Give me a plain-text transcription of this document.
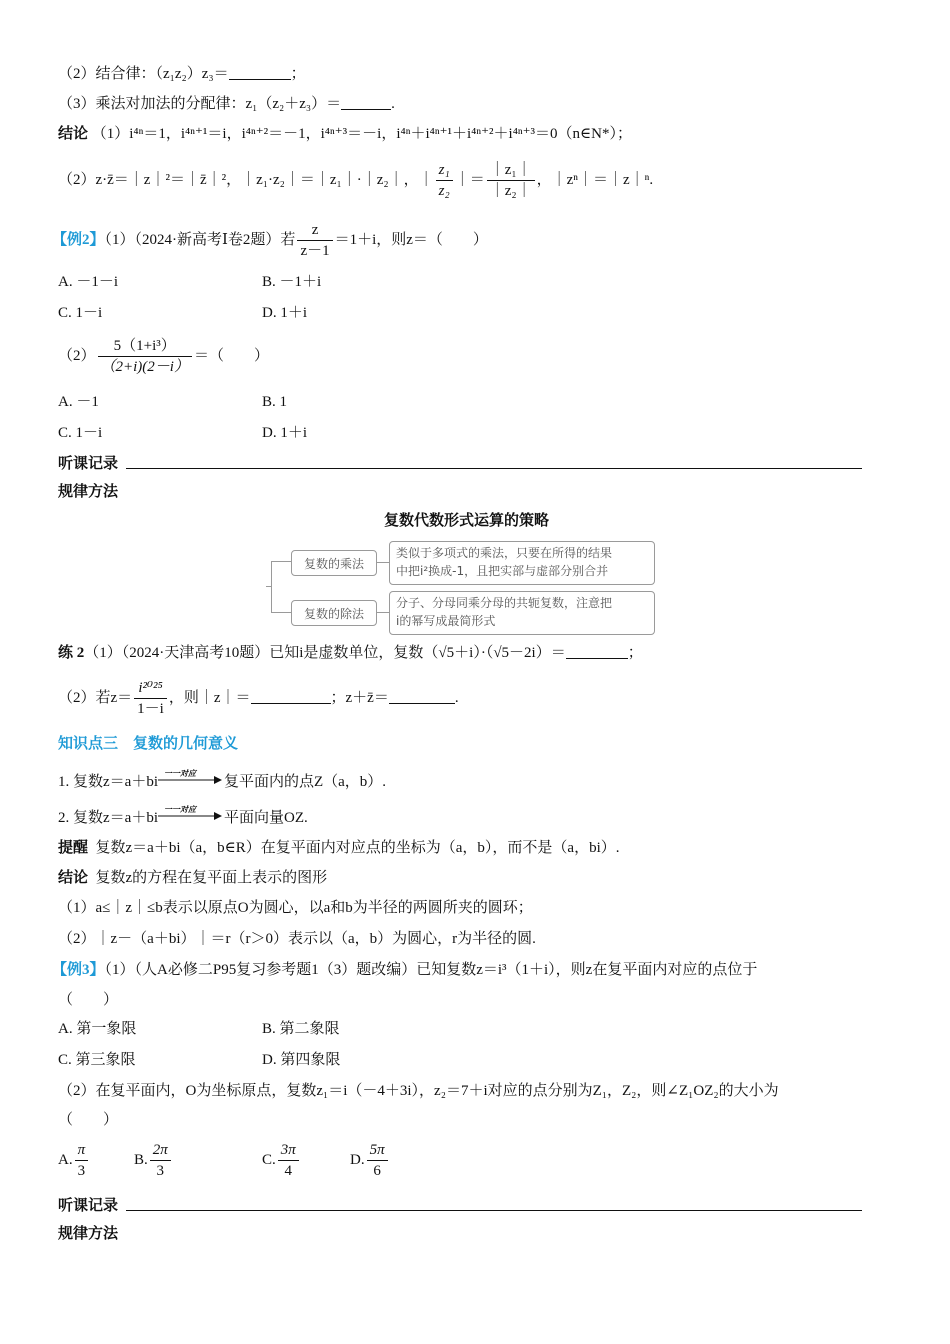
（2）结合律：（z₁z₂）z₃＝	；
（3）乘法对加法的分配律：z₁（z₂＋z₃）＝	.
结论 （1）i⁴ⁿ＝1，i⁴ⁿ⁺¹＝i，i⁴ⁿ⁺²＝－1，i⁴ⁿ⁺³＝－i，i⁴ⁿ＋i⁴ⁿ⁺¹＋i⁴ⁿ⁺²＋i⁴ⁿ⁺³＝0（n∈N*）；
（2）z·z̄＝｜z｜²＝｜z̄｜²，｜z₁·z₂｜＝｜z₁｜·｜z₂｜，｜ $\frac{\text{z₁}}{\text{z₂}}$ ｜＝ $\frac{\text{｜z₁｜}}{\text{｜z₂｜}}$ ，｜zⁿ｜＝｜z｜ⁿ.
【例2】（1）（2024·新高考Ⅰ卷2题）若 $\frac{z}{z-1} =1+i$，则z＝（　　）
A. －1－i	B. －1＋i
C. 1－i	D. 1＋i
$(2) \frac{\text{5（1+i³）}}{(2+i)(2-i)}$ ＝（　　）
A. －1	B. 1
C. 1－i	D. 1＋i
听课记录
规律方法
复数代数形式运算的策略
复数的乘法
类似于多项式的乘法，只要在所得的结果
中把i²换成-1，且把实部与虚部分别合并
复数的除法
分子、分母同乘分母的共轭复数，注意把
i的幂写成最简形式
练 2（1）（2024·天津高考10题）已知i是虚数单位，复数（√5＋i）·（√5－2i）＝	；
（2）若$z= \frac{\text{i²⁰²⁵}}{1-i}$ ，则｜z｜＝	；z＋z̄＝	.
知识点三　复数的几何意义
1. 复数z＝a＋bi
一一对应
复平面内的点Z（a，b）.
2. 复数z＝a＋bi
一一对应
平面向量OZ.
提醒 复数z＝a＋bi（a，b∈R）在复平面内对应点的坐标为（a，b），而不是（a，bi）.
结论 复数z的方程在复平面上表示的图形
（1）a≤｜z｜≤b表示以原点O为圆心，以a和b为半径的两圆所夹的圆环；
（2）｜z－（a＋bi）｜＝r（r＞0）表示以（a，b）为圆心，r为半径的圆.
【例3】（1）（人A必修二P95复习参考题1（3）题改编）已知复数z＝i³（1＋i），则z在复平面内对应的点位于
（　　）
A. 第一象限	B. 第二象限
C. 第三象限	D. 第四象限
（2）在复平面内，O为坐标原点，复数z₁＝i（－4＋3i），z₂＝7＋i对应的点分别为Z₁，Z₂，则∠Z₁OZ₂的大小为
（　　）
A. $\frac{\pi}{3}$	B. $\frac{2\pi}{3}$	C. $\frac{3\pi}{4}$	D. $\frac{5\pi}{6}$
听课记录
规律方法
